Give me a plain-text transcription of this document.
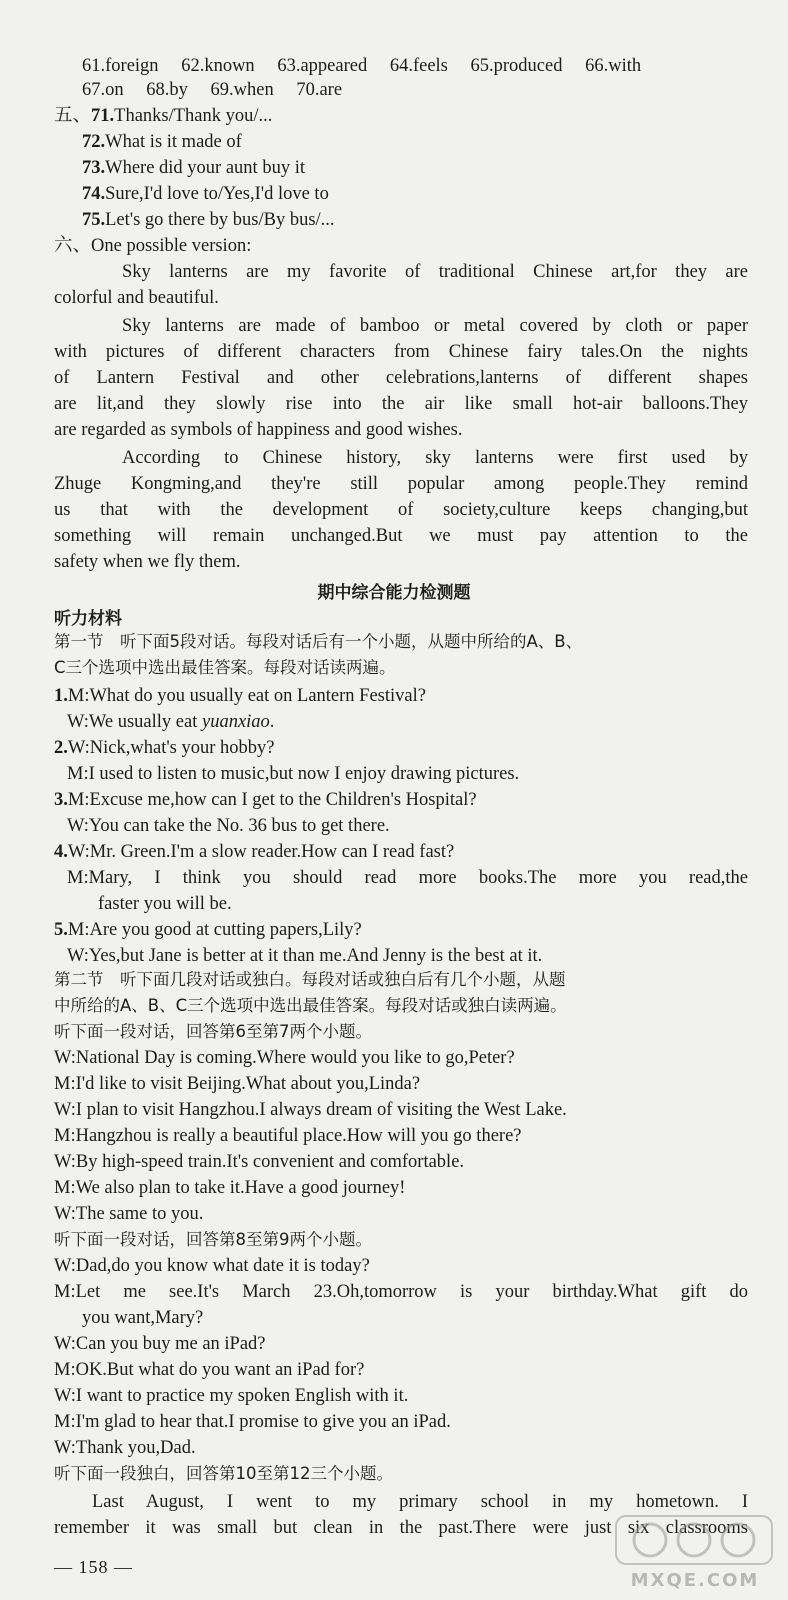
61.foreign 62.known 63.appeared 64.feels 65.produced 66.with
67.on 68.by 69.when 70.are
五、71.Thanks/Thank you/...
72.What is it made of
73.Where did your aunt buy it
74.Sure,I'd love to/Yes,I'd love to
75.Let's go there by bus/By bus/...
六、One possible version:
Sky lanterns are my favorite of traditional Chinese art,for they are
colorful and beautiful.
Sky lanterns are made of bamboo or metal covered by cloth or paper
with pictures of different characters from Chinese fairy tales.On the nights
of Lantern Festival and other celebrations,lanterns of different shapes
are lit,and they slowly rise into the air like small hot-air balloons.They
are regarded as symbols of happiness and good wishes.
According to Chinese history, sky lanterns were first used by
Zhuge Kongming,and they're still popular among people.They remind
us that with the development of society,culture keeps changing,but
something will remain unchanged.But we must pay attention to the
safety when we fly them.
期中综合能力检测题
听力材料
第一节　听下面5段对话。每段对话后有一个小题，从题中所给的A、B、
C三个选项中选出最佳答案。每段对话读两遍。
1.M:What do you usually eat on Lantern Festival?
W:We usually eat yuanxiao.
2.W:Nick,what's your hobby?
M:I used to listen to music,but now I enjoy drawing pictures.
3.M:Excuse me,how can I get to the Children's Hospital?
W:You can take the No. 36 bus to get there.
4.W:Mr. Green.I'm a slow reader.How can I read fast?
M:Mary, I think you should read more books.The more you read,the
faster you will be.
5.M:Are you good at cutting papers,Lily?
W:Yes,but Jane is better at it than me.And Jenny is the best at it.
第二节　听下面几段对话或独白。每段对话或独白后有几个小题，从题
中所给的A、B、C三个选项中选出最佳答案。每段对话或独白读两遍。
听下面一段对话，回答第6至第7两个小题。
W:National Day is coming.Where would you like to go,Peter?
M:I'd like to visit Beijing.What about you,Linda?
W:I plan to visit Hangzhou.I always dream of visiting the West Lake.
M:Hangzhou is really a beautiful place.How will you go there?
W:By high-speed train.It's convenient and comfortable.
M:We also plan to take it.Have a good journey!
W:The same to you.
听下面一段对话，回答第8至第9两个小题。
W:Dad,do you know what date it is today?
M:Let me see.It's March 23.Oh,tomorrow is your birthday.What gift do
you want,Mary?
W:Can you buy me an iPad?
M:OK.But what do you want an iPad for?
W:I want to practice my spoken English with it.
M:I'm glad to hear that.I promise to give you an iPad.
W:Thank you,Dad.
听下面一段独白，回答第10至第12三个小题。
Last August, I went to my primary school in my hometown. I
remember it was small but clean in the past.There were just six classrooms
— 158 —
MXQE.COM
